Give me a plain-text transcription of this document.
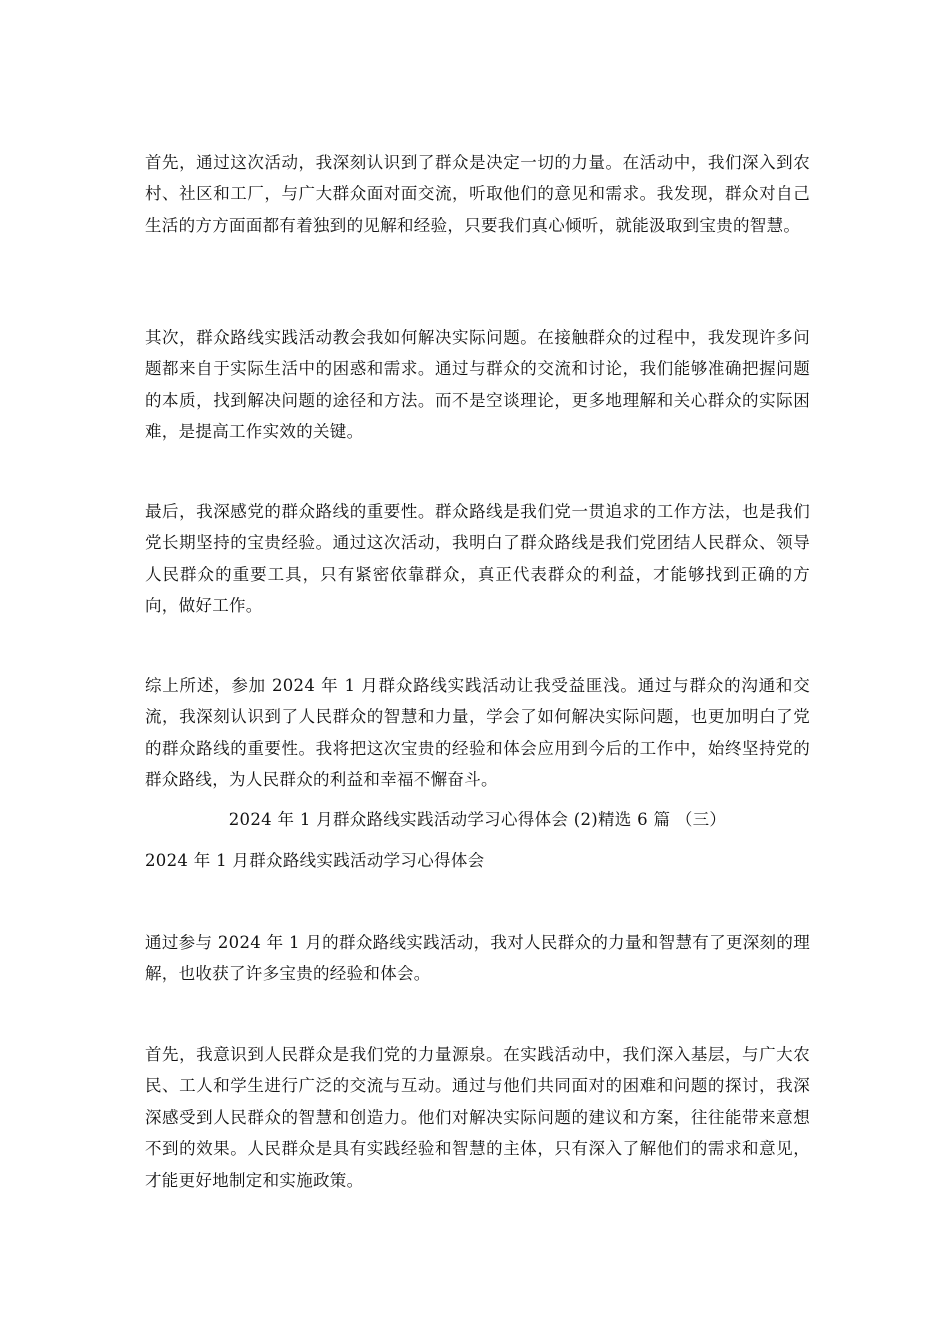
首先，通过这次活动，我深刻认识到了群众是决定一切的力量。在活动中，我们深入到农村、社区和工厂，与广大群众面对面交流，听取他们的意见和需求。我发现，群众对自己生活的方方面面都有着独到的见解和经验，只要我们真心倾听，就能汲取到宝贵的智慧。

其次，群众路线实践活动教会我如何解决实际问题。在接触群众的过程中，我发现许多问题都来自于实际生活中的困惑和需求。通过与群众的交流和讨论，我们能够准确把握问题的本质，找到解决问题的途径和方法。而不是空谈理论，更多地理解和关心群众的实际困难，是提高工作实效的关键。

最后，我深感党的群众路线的重要性。群众路线是我们党一贯追求的工作方法，也是我们党长期坚持的宝贵经验。通过这次活动，我明白了群众路线是我们党团结人民群众、领导人民群众的重要工具，只有紧密依靠群众，真正代表群众的利益，才能够找到正确的方向，做好工作。

综上所述，参加 2024 年 1 月群众路线实践活动让我受益匪浅。通过与群众的沟通和交流，我深刻认识到了人民群众的智慧和力量，学会了如何解决实际问题，也更加明白了党的群众路线的重要性。我将把这次宝贵的经验和体会应用到今后的工作中，始终坚持党的群众路线，为人民群众的利益和幸福不懈奋斗。

2024 年 1 月群众路线实践活动学习心得体会 (2)精选 6 篇 （三）

2024 年 1 月群众路线实践活动学习心得体会

通过参与 2024 年 1 月的群众路线实践活动，我对人民群众的力量和智慧有了更深刻的理解，也收获了许多宝贵的经验和体会。

首先，我意识到人民群众是我们党的力量源泉。在实践活动中，我们深入基层，与广大农民、工人和学生进行广泛的交流与互动。通过与他们共同面对的困难和问题的探讨，我深深感受到人民群众的智慧和创造力。他们对解决实际问题的建议和方案，往往能带来意想不到的效果。人民群众是具有实践经验和智慧的主体，只有深入了解他们的需求和意见，才能更好地制定和实施政策。
